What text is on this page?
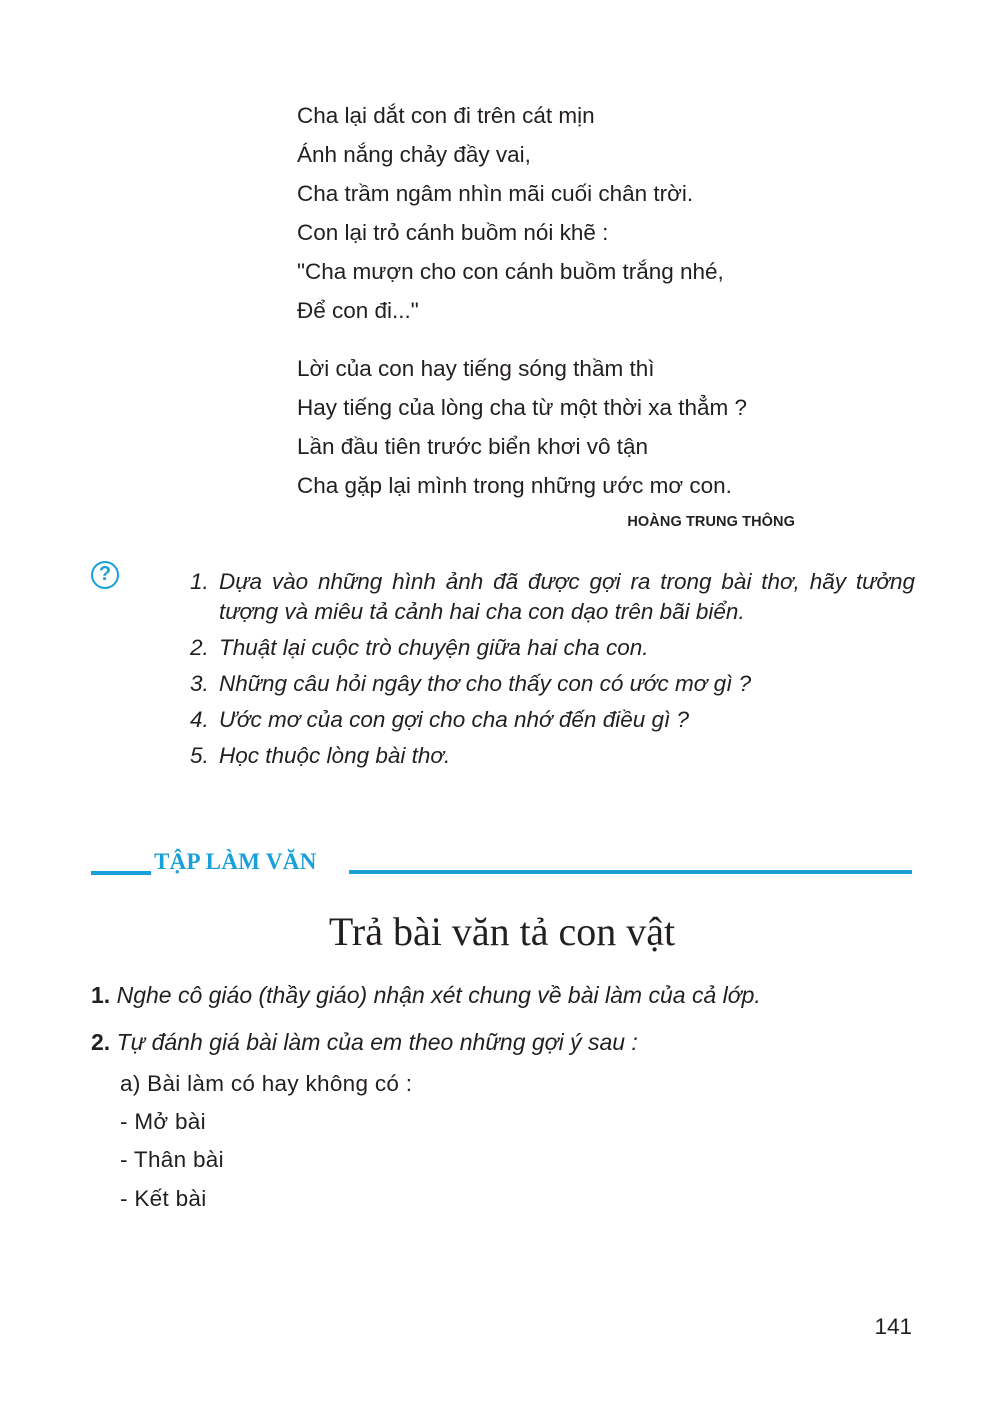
Cha lại dắt con đi trên cát mịn
Ánh nắng chảy đầy vai,
Cha trầm ngâm nhìn mãi cuối chân trời.
Con lại trỏ cánh buồm nói khẽ :
"Cha mượn cho con cánh buồm trắng nhé,
Để con đi..."
Lời của con hay tiếng sóng thầm thì
Hay tiếng của lòng cha từ một thời xa thẳm ?
Lần đầu tiên trước biển khơi vô tận
Cha gặp lại mình trong những ước mơ con.
HOÀNG TRUNG THÔNG
?	1. Dựa vào những hình ảnh đã được gợi ra trong bài thơ, hãy tưởng tượng và miêu tả cảnh hai cha con dạo trên bãi biển.
2. Thuật lại cuộc trò chuyện giữa hai cha con.
3. Những câu hỏi ngây thơ cho thấy con có ước mơ gì ?
4. Ước mơ của con gợi cho cha nhớ đến điều gì ?
5. Học thuộc lòng bài thơ.
TẬP LÀM VĂN
Trả bài văn tả con vật
1. Nghe cô giáo (thầy giáo) nhận xét chung về bài làm của cả lớp.
2. Tự đánh giá bài làm của em theo những gợi ý sau :
a) Bài làm có hay không có :
- Mở bài
- Thân bài
- Kết bài
141
